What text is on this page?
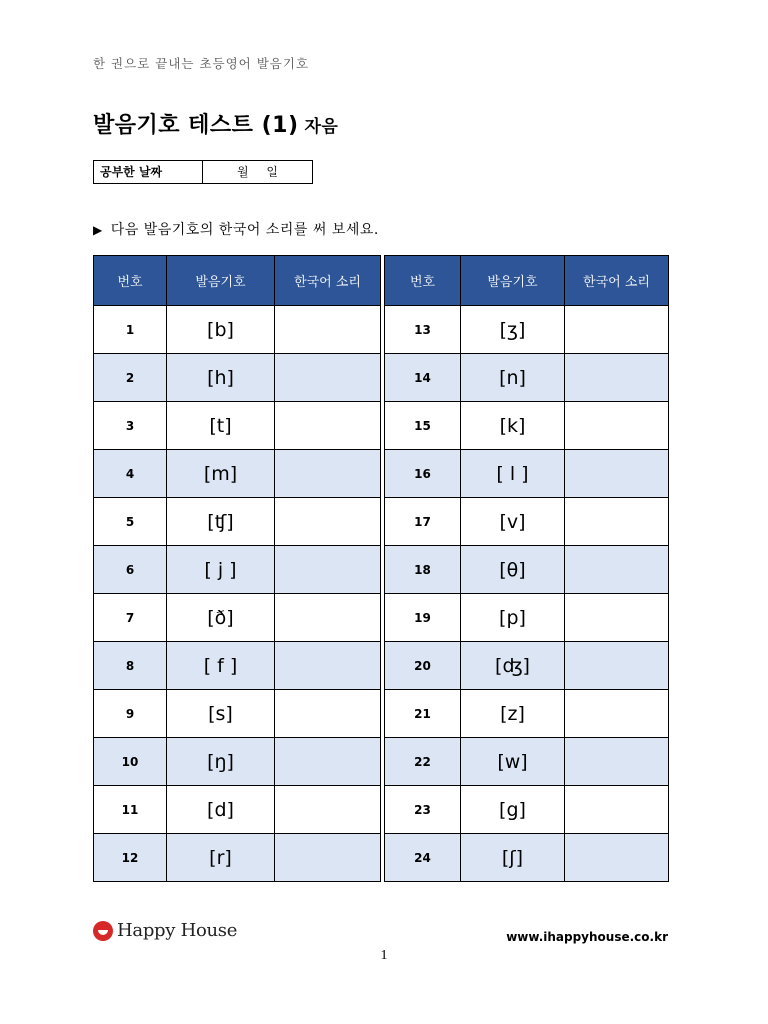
한 권으로 끝내는 초등영어 발음기호
발음기호 테스트 (1) 자음
공부한 날짜	월 일
▶ 다음 발음기호의 한국어 소리를 써 보세요.
번호	발음기호	한국어 소리
1	[b]	
2	[h]	
3	[t]	
4	[m]	
5	[ʧ]	
6	[ j ]	
7	[ð]	
8	[ f ]	
9	[s]	
10	[ŋ]	
11	[d]	
12	[r]	
번호	발음기호	한국어 소리
13	[ʒ]	
14	[n]	
15	[k]	
16	[ l ]	
17	[v]	
18	[θ]	
19	[p]	
20	[ʤ]	
21	[z]	
22	[w]	
23	[g]	
24	[ʃ]	
Happy House	www.ihappyhouse.co.kr
1
